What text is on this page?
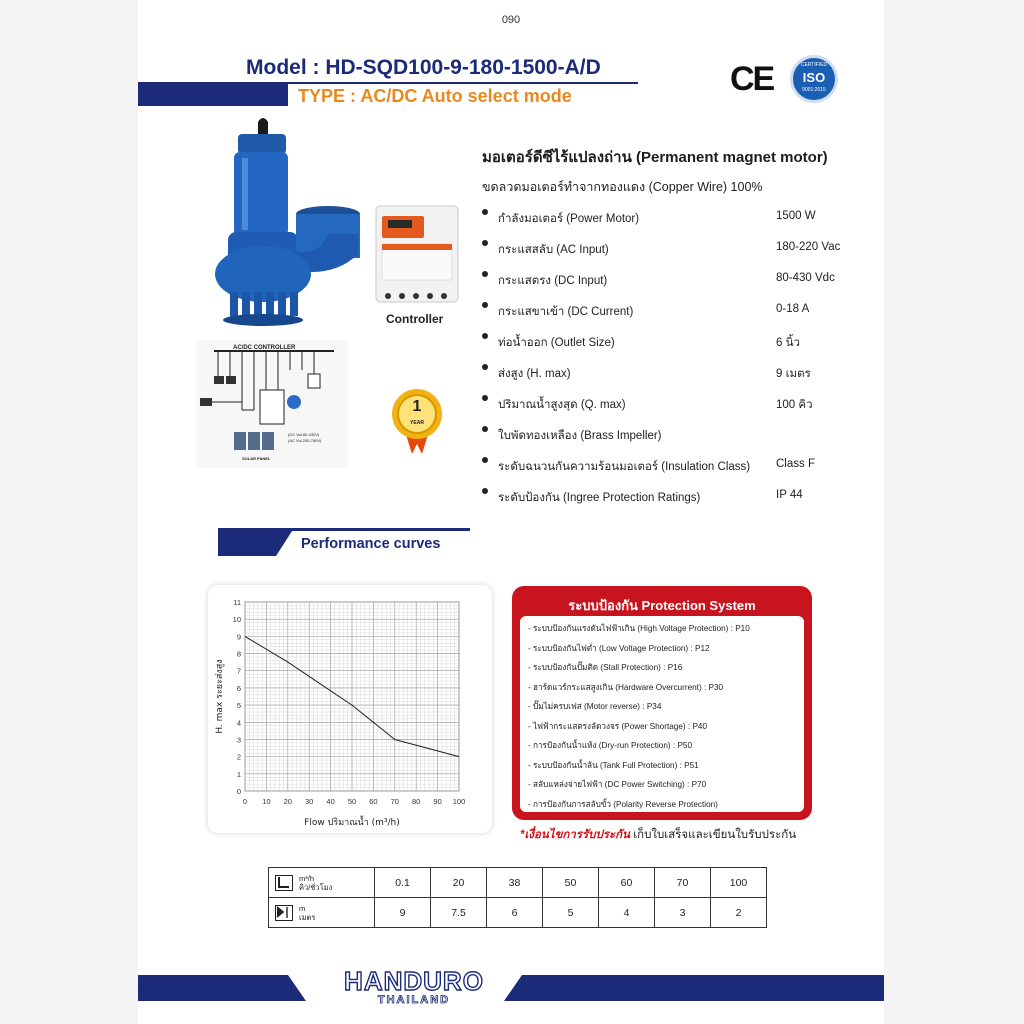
090
Model : HD-SQD100-9-180-1500-A/D
TYPE : AC/DC Auto select mode	CE	CERTIFIED
ISO
9001:2015
Controller
AC/DC CONTROLLER
(DC Vol.80-430V)
(AC Vol.200-780V)
SOLAR PANEL
1
YEAR
มอเตอร์ดีซีไร้แปลงถ่าน (Permanent magnet motor)
ขดลวดมอเตอร์ทำจากทองแดง (Copper Wire) 100%
กำลังมอเตอร์ (Power Motor)	1500 W
กระแสสลับ (AC Input)	180-220 Vac
กระแสตรง (DC Input)	80-430 Vdc
กระแสขาเข้า (DC Current)	0-18 A
ท่อน้ำออก (Outlet Size)	6 นิ้ว
ส่งสูง (H. max)	9 เมตร
ปริมาณน้ำสูงสุด (Q. max)	100 คิว
ใบพัดทองเหลือง (Brass Impeller)
ระดับฉนวนกันความร้อนมอเตอร์ (Insulation Class) Class F
ระดับป้องกัน (Ingree Protection Ratings)	IP 44
Performance curves
0 10 20 30 40 50 60 70 80 90 100
0
1
2
3
4
5
6
7
8
9
10
11
Flow ปริมาณน้ำ (m³/h)
H. max ระยะส่งสูง
ระบบป้องกัน Protection System
- ระบบป้องกันแรงดันไฟฟ้าเกิน (High Voltage Protection) : P10
- ระบบป้องกันไฟต่ำ (Low Voltage Protection) : P12
- ระบบป้องกันปั๊มติด (Stall Protection) : P16
- ฮาร์ดแวร์กระแสสูงเกิน (Hardware Overcurrent) : P30
- ปั๊มไม่ครบเฟส (Motor reverse) : P34
- ไฟฟ้ากระแสตรงลัดวงจร (Power Shortage) : P40
- การป้องกันน้ำแห้ง (Dry-run Protection) : P50
- ระบบป้องกันน้ำล้น (Tank Full Protection) : P51
- สลับแหล่งจ่ายไฟฟ้า (DC Power Switching) : P70
- การป้องกันการสลับขั้ว (Polarity Reverse Protection)
*เงื่อนไขการรับประกัน เก็บใบเสร็จและเขียนใบรับประกัน
m³/h
คิว/ชั่วโมง	0.1	20	38	50	60	70	100
m
เมตร	9	7.5	6	5	4	3	2
HANDURO
THAILAND
